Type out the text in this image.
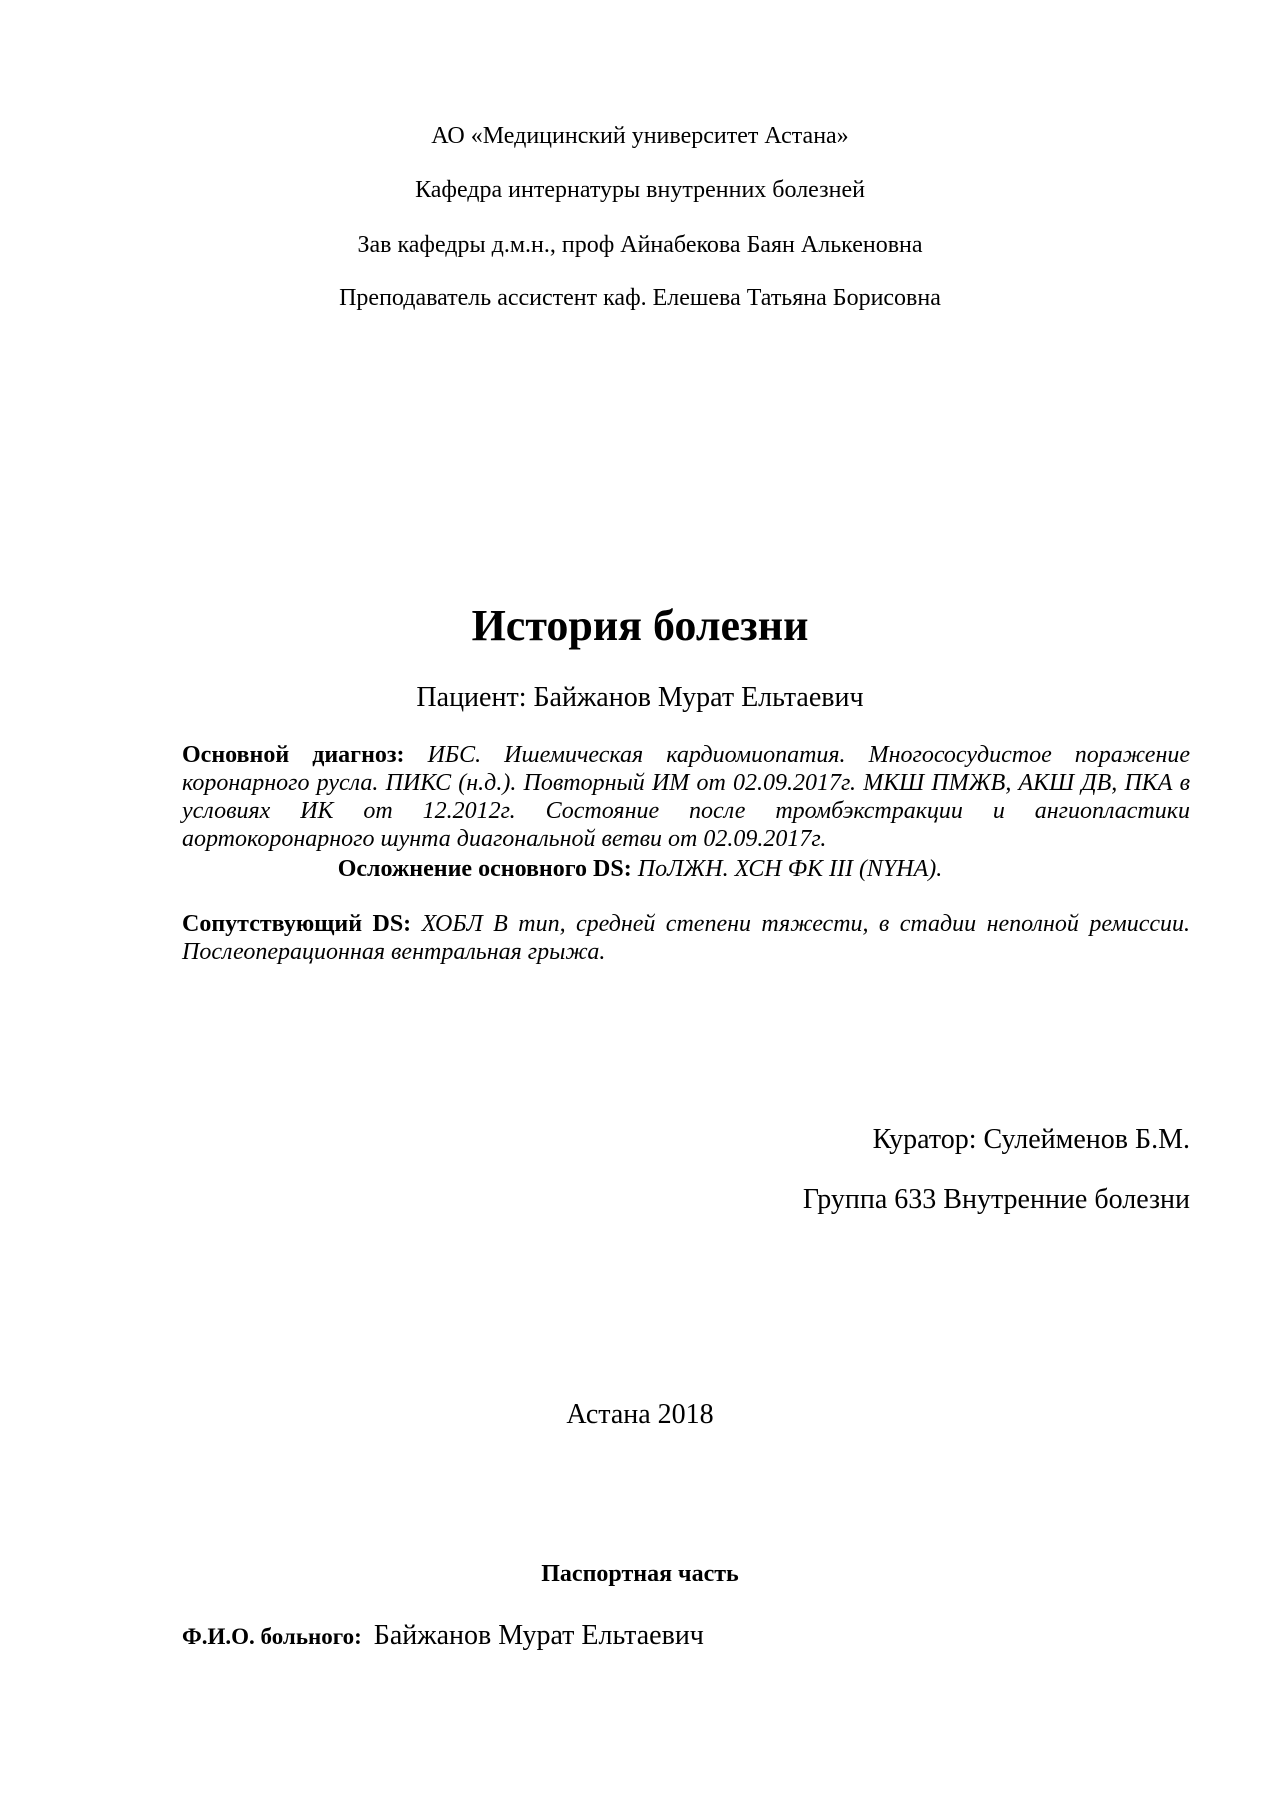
АО «Медицинский университет Астана»
Кафедра интернатуры внутренних болезней
Зав кафедры д.м.н., проф Айнабекова Баян Алькеновна
Преподаватель ассистент каф. Елешева Татьяна Борисовна
История болезни
Пациент: Байжанов Мурат Ельтаевич
Основной диагноз: ИБС. Ишемическая кардиомиопатия. Многососудистое поражение коронарного русла. ПИКС (н.д.). Повторный ИМ от 02.09.2017г. МКШ ПМЖВ, АКШ ДВ, ПКА в условиях ИК от 12.2012г. Состояние после тромбэкстракции и ангиопластики аортокоронарного шунта диагональной ветви от 02.09.2017г.
Осложнение основного DS: ПоЛЖН. ХСН ФК III (NYHA).
Сопутствующий DS: ХОБЛ В тип, средней степени тяжести, в стадии неполной ремиссии. Послеоперационная вентральная грыжа.
Куратор: Сулейменов Б.М.
Группа 633 Внутренние болезни
Астана 2018
Паспортная часть
Ф.И.О. больного: Байжанов Мурат Ельтаевич
